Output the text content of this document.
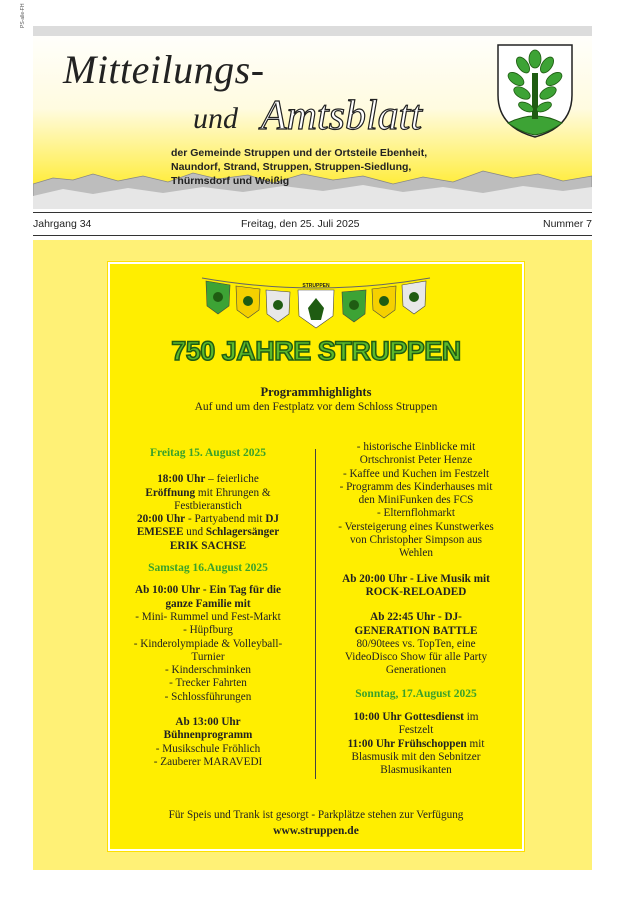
PS-alle-FH
Mitteilungs-
und Amtsblatt
der Gemeinde Struppen und der Ortsteile Ebenheit, Naundorf, Strand, Struppen, Struppen-Siedlung, Thürmsdorf und Weißig
Jahrgang 34	Freitag, den 25. Juli 2025	Nummer 7
STRUPPEN
750 JAHRE STRUPPEN
Programmhighlights
Auf und um den Festplatz vor dem Schloss Struppen

Freitag 15. August 2025

18:00 Uhr – feierliche

Eröffnung mit Ehrungen &

Festbieranstich

20:00 Uhr - Partyabend mit DJ

EMESEE und Schlagersänger

ERIK SACHSE

Samstag 16.August 2025

Ab 10:00 Uhr - Ein Tag für die

ganze Familie mit

- Mini- Rummel und Fest-Markt

- Hüpfburg

- Kinderolympiade & Volleyball-

Turnier

- Kinderschminken

- Trecker Fahrten

- Schlossführungen

Ab 13:00 Uhr

Bühnenprogramm

- Musikschule Fröhlich

- Zauberer MARAVEDI

- historische Einblicke mit

Ortschronist Peter Henze

- Kaffee und Kuchen im Festzelt

- Programm des Kinderhauses mit

den MiniFunken des FCS

- Elternflohmarkt

- Versteigerung eines Kunstwerkes

von Christopher Simpson aus

Wehlen

Ab 20:00 Uhr - Live Musik mit

ROCK-RELOADED

Ab 22:45 Uhr - DJ-

GENERATION BATTLE

80/90tees vs. TopTen, eine

VideoDisco Show für alle Party

Generationen

Sonntag, 17.August 2025

10:00 Uhr Gottesdienst im

Festzelt

11:00 Uhr Frühschoppen mit

Blasmusik mit den Sebnitzer

Blasmusikanten

Für Speis und Trank ist gesorgt - Parkplätze stehen zur Verfügung
www.struppen.de
